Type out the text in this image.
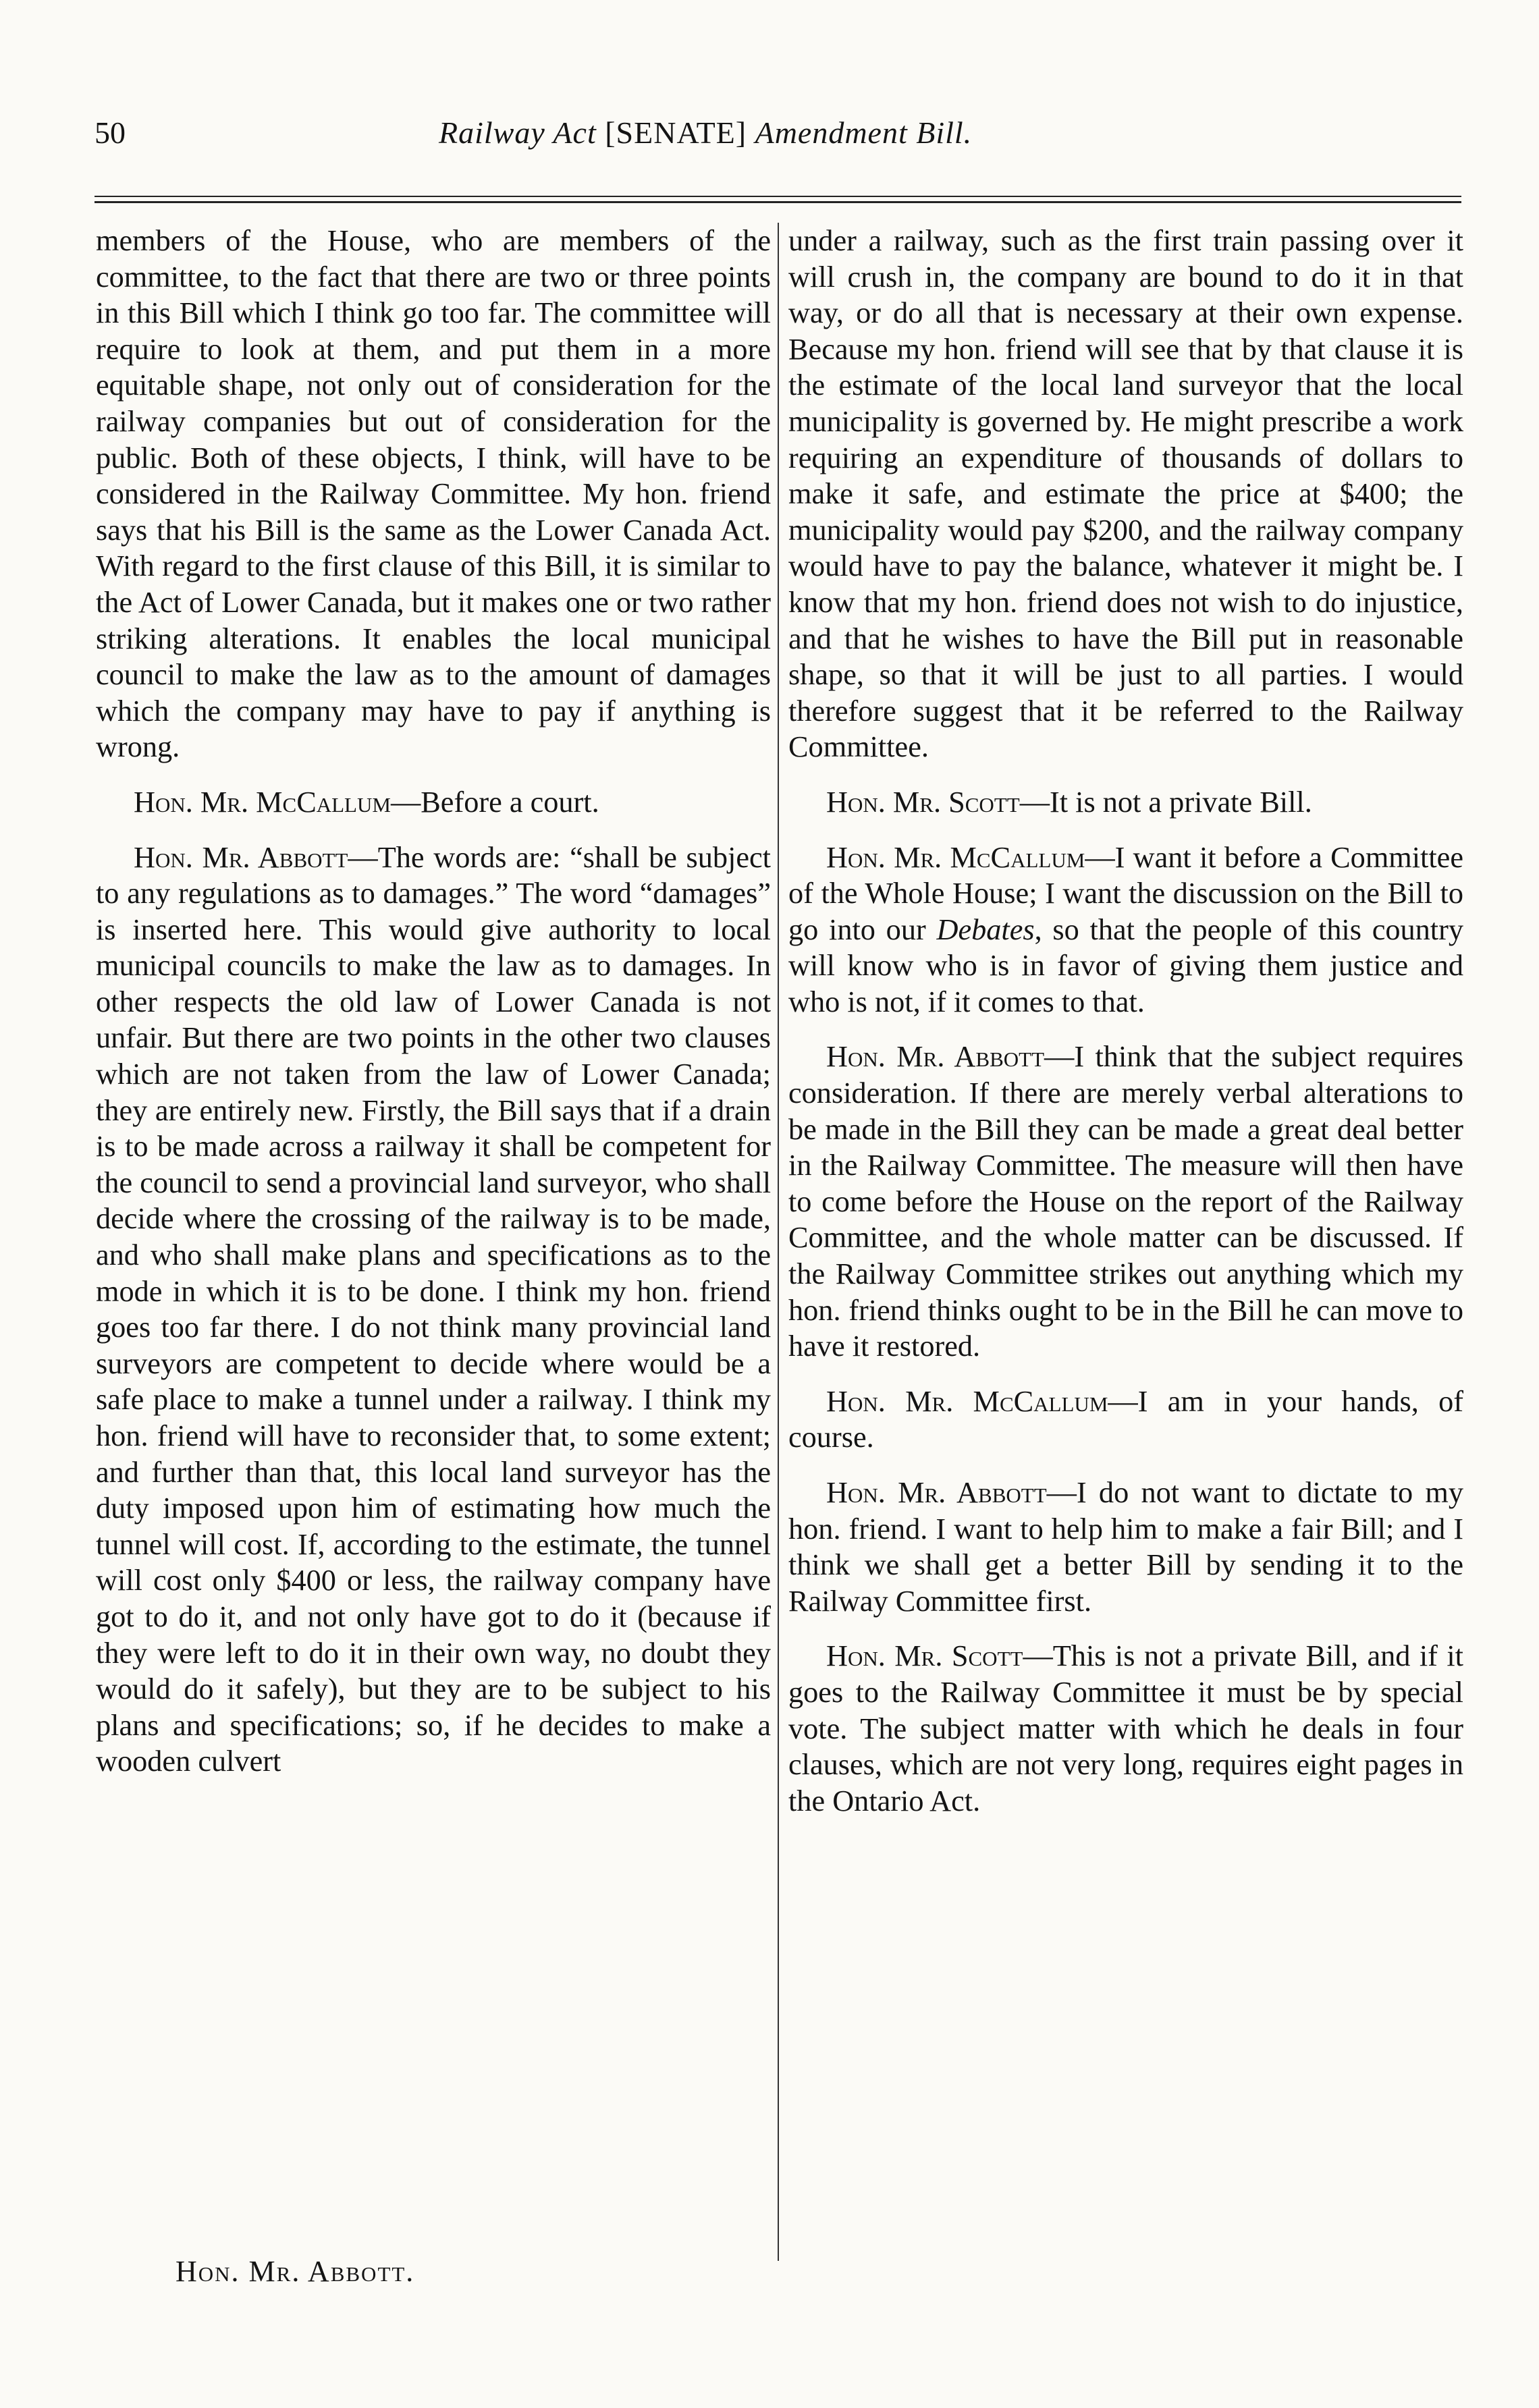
50	Railway Act [SENATE] Amendment Bill.

members of the House, who are members of the committee, to the fact that there are two or three points in this Bill which I think go too far. The committee will require to look at them, and put them in a more equitable shape, not only out of consideration for the railway companies but out of consideration for the public. Both of these objects, I think, will have to be considered in the Railway Committee. My hon. friend says that his Bill is the same as the Lower Canada Act. With regard to the first clause of this Bill, it is similar to the Act of Lower Canada, but it makes one or two rather striking alterations. It enables the local municipal council to make the law as to the amount of damages which the company may have to pay if anything is wrong.

Hon. Mr. McCallum—Before a court.

Hon. Mr. Abbott—The words are: “shall be subject to any regulations as to damages.” The word “damages” is inserted here. This would give authority to local municipal councils to make the law as to damages. In other respects the old law of Lower Canada is not unfair. But there are two points in the other two clauses which are not taken from the law of Lower Canada; they are entirely new. Firstly, the Bill says that if a drain is to be made across a railway it shall be competent for the council to send a provincial land surveyor, who shall decide where the crossing of the railway is to be made, and who shall make plans and specifications as to the mode in which it is to be done. I think my hon. friend goes too far there. I do not think many provincial land surveyors are competent to decide where would be a safe place to make a tunnel under a railway. I think my hon. friend will have to reconsider that, to some extent; and further than that, this local land surveyor has the duty imposed upon him of estimating how much the tunnel will cost. If, according to the estimate, the tunnel will cost only $400 or less, the railway company have got to do it, and not only have got to do it (because if they were left to do it in their own way, no doubt they would do it safely), but they are to be subject to his plans and specifications; so, if he decides to make a wooden culvert

under a railway, such as the first train passing over it will crush in, the company are bound to do it in that way, or do all that is necessary at their own expense. Because my hon. friend will see that by that clause it is the estimate of the local land surveyor that the local municipality is governed by. He might prescribe a work requiring an expenditure of thousands of dollars to make it safe, and estimate the price at $400; the municipality would pay $200, and the railway company would have to pay the balance, whatever it might be. I know that my hon. friend does not wish to do injustice, and that he wishes to have the Bill put in reasonable shape, so that it will be just to all parties. I would therefore suggest that it be referred to the Railway Committee.

Hon. Mr. Scott—It is not a private Bill.

Hon. Mr. McCallum—I want it before a Committee of the Whole House; I want the discussion on the Bill to go into our Debates, so that the people of this country will know who is in favor of giving them justice and who is not, if it comes to that.

Hon. Mr. Abbott—I think that the subject requires consideration. If there are merely verbal alterations to be made in the Bill they can be made a great deal better in the Railway Committee. The measure will then have to come before the House on the report of the Railway Committee, and the whole matter can be discussed. If the Railway Committee strikes out anything which my hon. friend thinks ought to be in the Bill he can move to have it restored.

Hon. Mr. McCallum—I am in your hands, of course.

Hon. Mr. Abbott—I do not want to dictate to my hon. friend. I want to help him to make a fair Bill; and I think we shall get a better Bill by sending it to the Railway Committee first.

Hon. Mr. Scott—This is not a private Bill, and if it goes to the Railway Committee it must be by special vote. The subject matter with which he deals in four clauses, which are not very long, requires eight pages in the Ontario Act.

Hon. Mr. Abbott.
